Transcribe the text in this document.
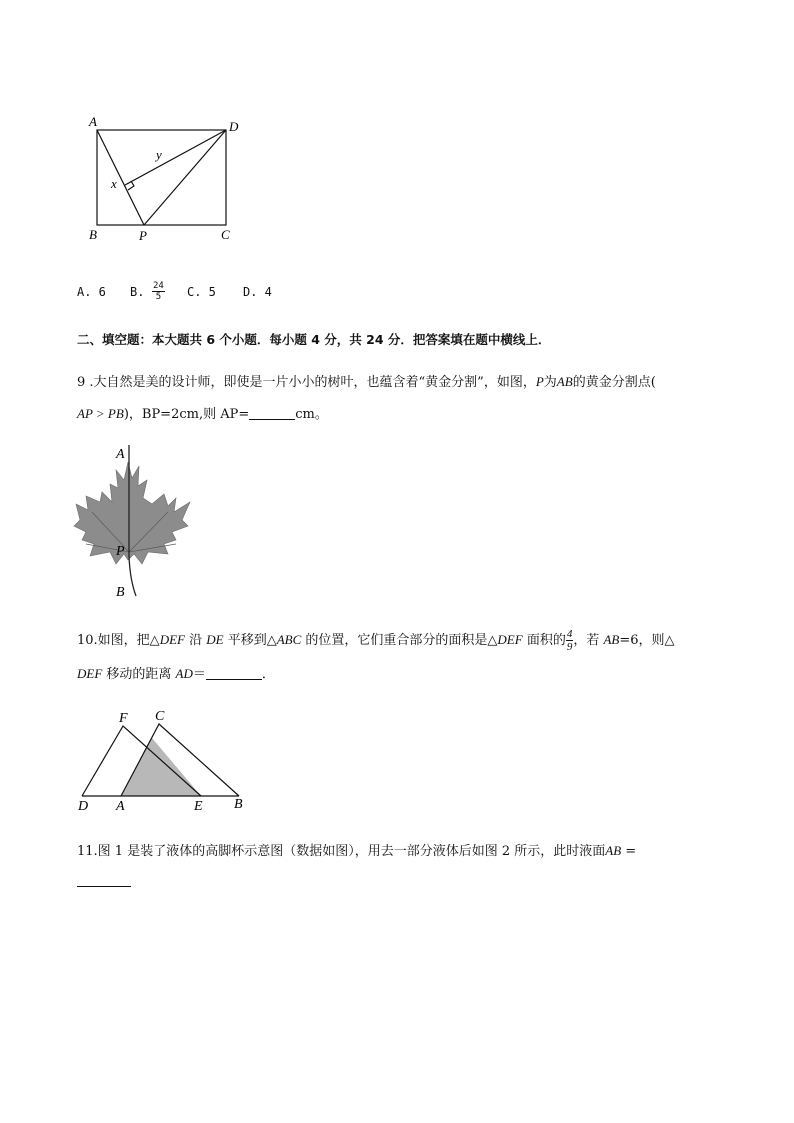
A	D
B	P	C
x
y
A. 6 B. $\frac{24}{5} C$. 5 D. 4
二、填空题：本大题共 6 个小题．每小题 4 分，共 24 分．把答案填在题中横线上．
9 .大自然是美的设计师，即使是一片小小的树叶，也蕴含着“黄金分割”，如图，P为AB的黄金分割点(
AP > PB)，BP=2cm,则 AP=	cm。
A
P
B
10.如图，把△DEF 沿 DE 平移到△ABC 的位置，它们重合部分的面积是△DEF 面积的 $\frac{4}{9}$ ，若 AB=6，则△
DEF 移动的距离 AD＝	．
F C
D A	E B
11.图 1 是装了液体的高脚杯示意图（数据如图），用去一部分液体后如图 2 所示，此时液面AB =
